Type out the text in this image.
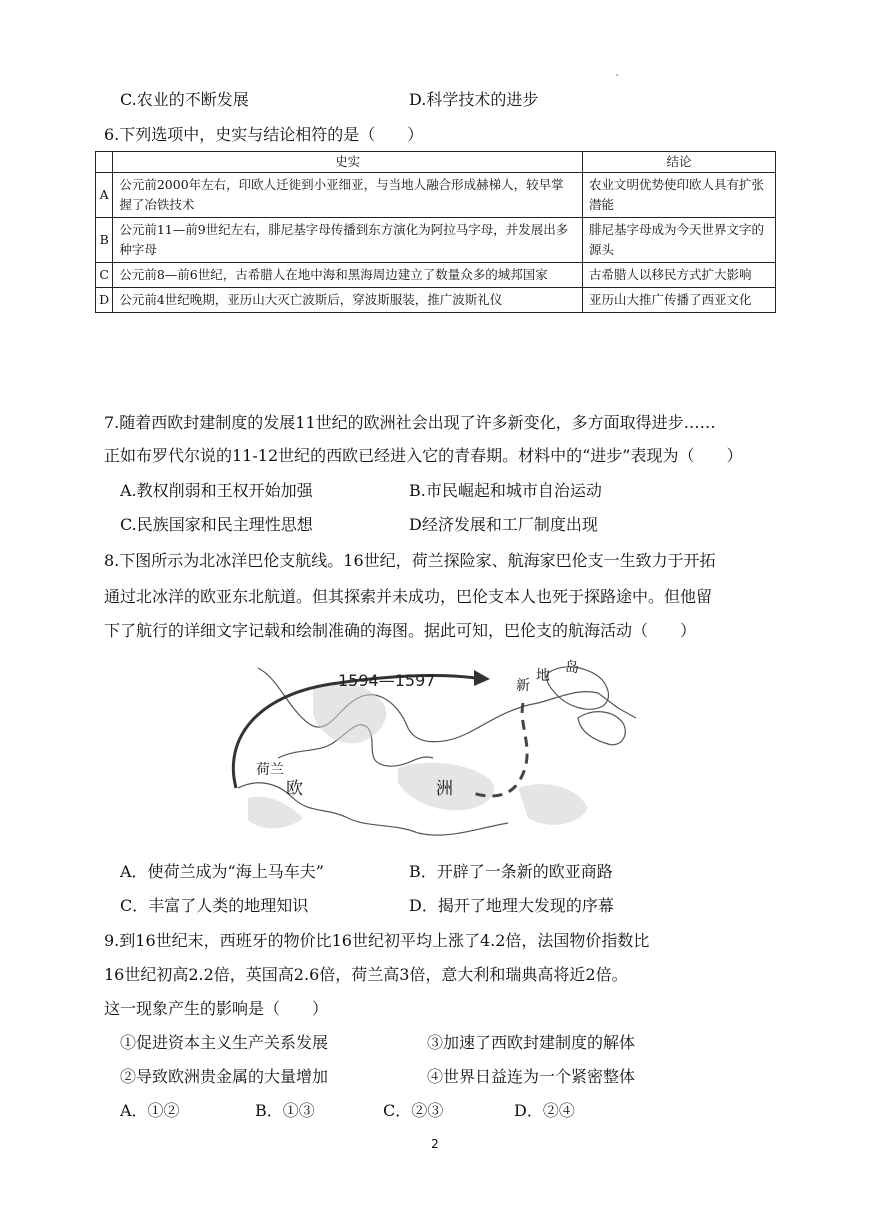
C.农业的不断发展	D.科学技术的进步
6.下列选项中，史实与结论相符的是（　　）
	史实	结论
A	公元前2000年左右，印欧人迁徙到小亚细亚，与当地人融合形成赫梯人，较早掌握了冶铁技术	农业文明优势使印欧人具有扩张潜能
B	公元前11—前9世纪左右，腓尼基字母传播到东方演化为阿拉马字母，并发展出多种字母	腓尼基字母成为今天世界文字的源头
C	公元前8—前6世纪，古希腊人在地中海和黑海周边建立了数量众多的城邦国家	古希腊人以移民方式扩大影响
D	公元前4世纪晚期，亚历山大灭亡波斯后，穿波斯服装，推广波斯礼仪	亚历山大推广传播了西亚文化
7.随着西欧封建制度的发展11世纪的欧洲社会出现了许多新变化，多方面取得进步……
正如布罗代尔说的11-12世纪的西欧已经进入它的青春期。材料中的“进步”表现为（　　）
A.教权削弱和王权开始加强	B.市民崛起和城市自治运动
C.民族国家和民主理性思想	D经济发展和工厂制度出现
8.下图所示为北冰洋巴伦支航线。16世纪，荷兰探险家、航海家巴伦支一生致力于开拓
通过北冰洋的欧亚东北航道。但其探索并未成功，巴伦支本人也死于探路途中。但他留
下了航行的详细文字记载和绘制准确的海图。据此可知，巴伦支的航海活动（　　）
1594—1597	新
地 岛
荷兰
欧	洲
A．使荷兰成为“海上马车夫”	B．开辟了一条新的欧亚商路
C．丰富了人类的地理知识	D．揭开了地理大发现的序幕
9.到16世纪末，西班牙的物价比16世纪初平均上涨了4.2倍，法国物价指数比
16世纪初高2.2倍，英国高2.6倍，荷兰高3倍，意大利和瑞典高将近2倍。
这一现象产生的影响是（　　）
①促进资本主义生产关系发展	③加速了西欧封建制度的解体
②导致欧洲贵金属的大量增加	④世界日益连为一个紧密整体
A．①②	B．①③	C．②③	D．②④
2
